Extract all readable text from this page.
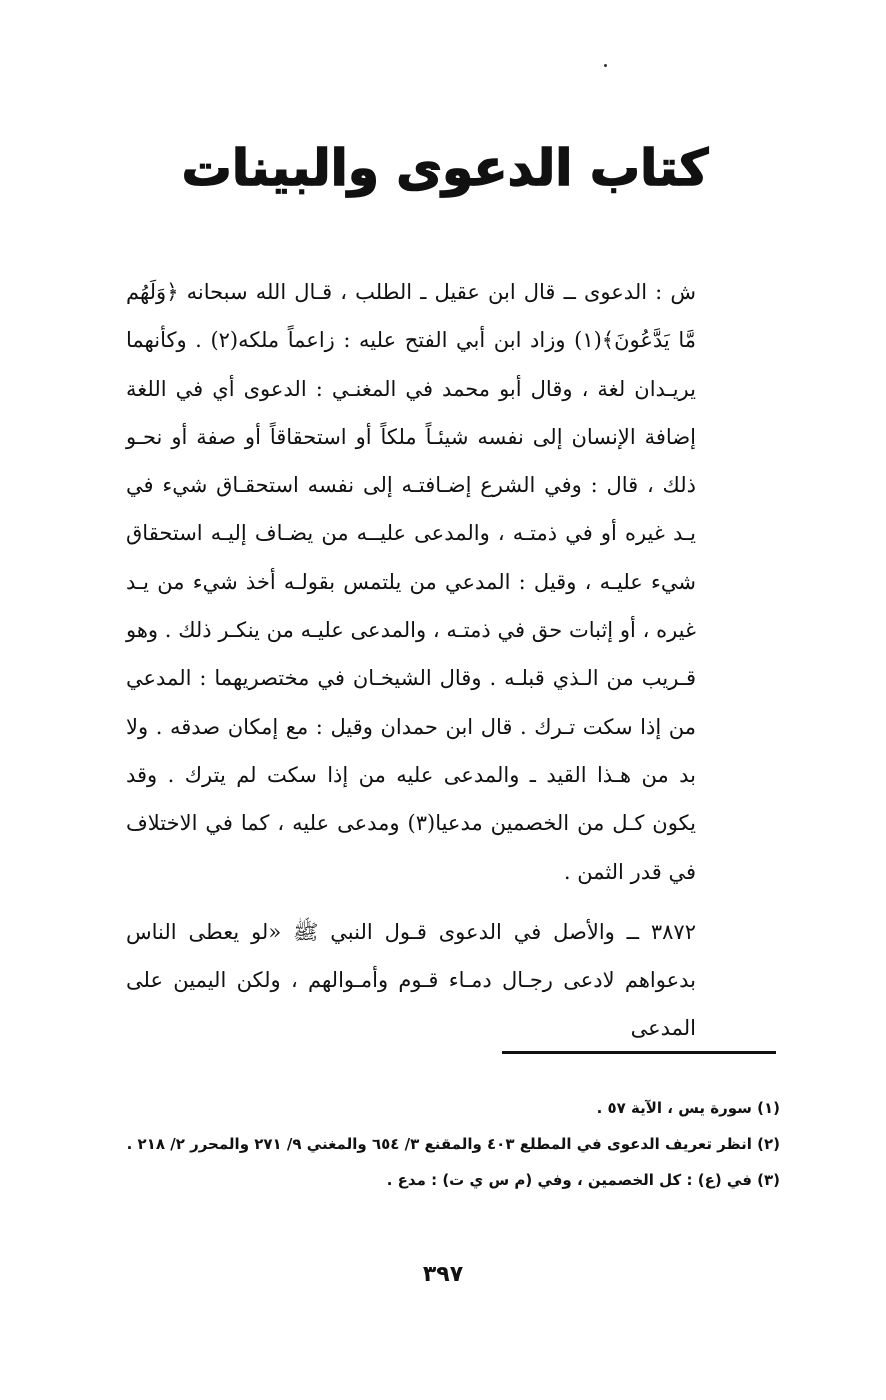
كتاب الدعوى والبينات

ش : الدعوى ــ قال ابن عقيل ـ الطلب ، قـال الله سبحانه ﴿وَلَهُم مَّا يَدَّعُونَ﴾(١) وزاد ابن أبي الفتح عليه : زاعماً ملكه(٢) . وكأنهما يريـدان لغة ، وقال أبو محمد في المغنـي : الدعوى أي في اللغة إضافة الإنسان إلى نفسه شيئـاً ملكاً أو استحقاقاً أو صفة أو نحـو ذلك ، قال : وفي الشرع إضـافتـه إلى نفسه استحقـاق شيء في يـد غيره أو في ذمتـه ، والمدعى عليــه من يضـاف إليـه استحقاق شيء عليـه ، وقيل : المدعي من يلتمس بقولـه أخذ شيء من يـد غيره ، أو إثبات حق في ذمتـه ، والمدعى عليـه من ينكـر ذلك . وهو قـريب من الـذي قبلـه . وقال الشيخـان في مختصريهما : المدعي من إذا سكت تـرك . قال ابن حمدان وقيل : مع إمكان صدقه . ولا بد من هـذا القيد ـ والمدعى عليه من إذا سكت لم يترك . وقد يكون كـل من الخصمين مدعيا(٣) ومدعى عليه ، كما في الاختلاف في قدر الثمن .

٣٨٧٢ ــ والأصل في الدعوى قـول النبي ﷺ «لو يعطى الناس بدعواهم لادعى رجـال دمـاء قـوم وأمـوالهم ، ولكن اليمين على المدعى

(١) سورة يس ، الآية ٥٧ .
(٢) انظر تعريف الدعوى في المطلع ٤٠٣ والمقنع ٣/ ٦٥٤ والمغني ٩/ ٢٧١ والمحرر ٢/ ٢١٨ .
(٣) في (ع) : كل الخصمين ، وفي (م س ي ت) : مدع .
٣٩٧
